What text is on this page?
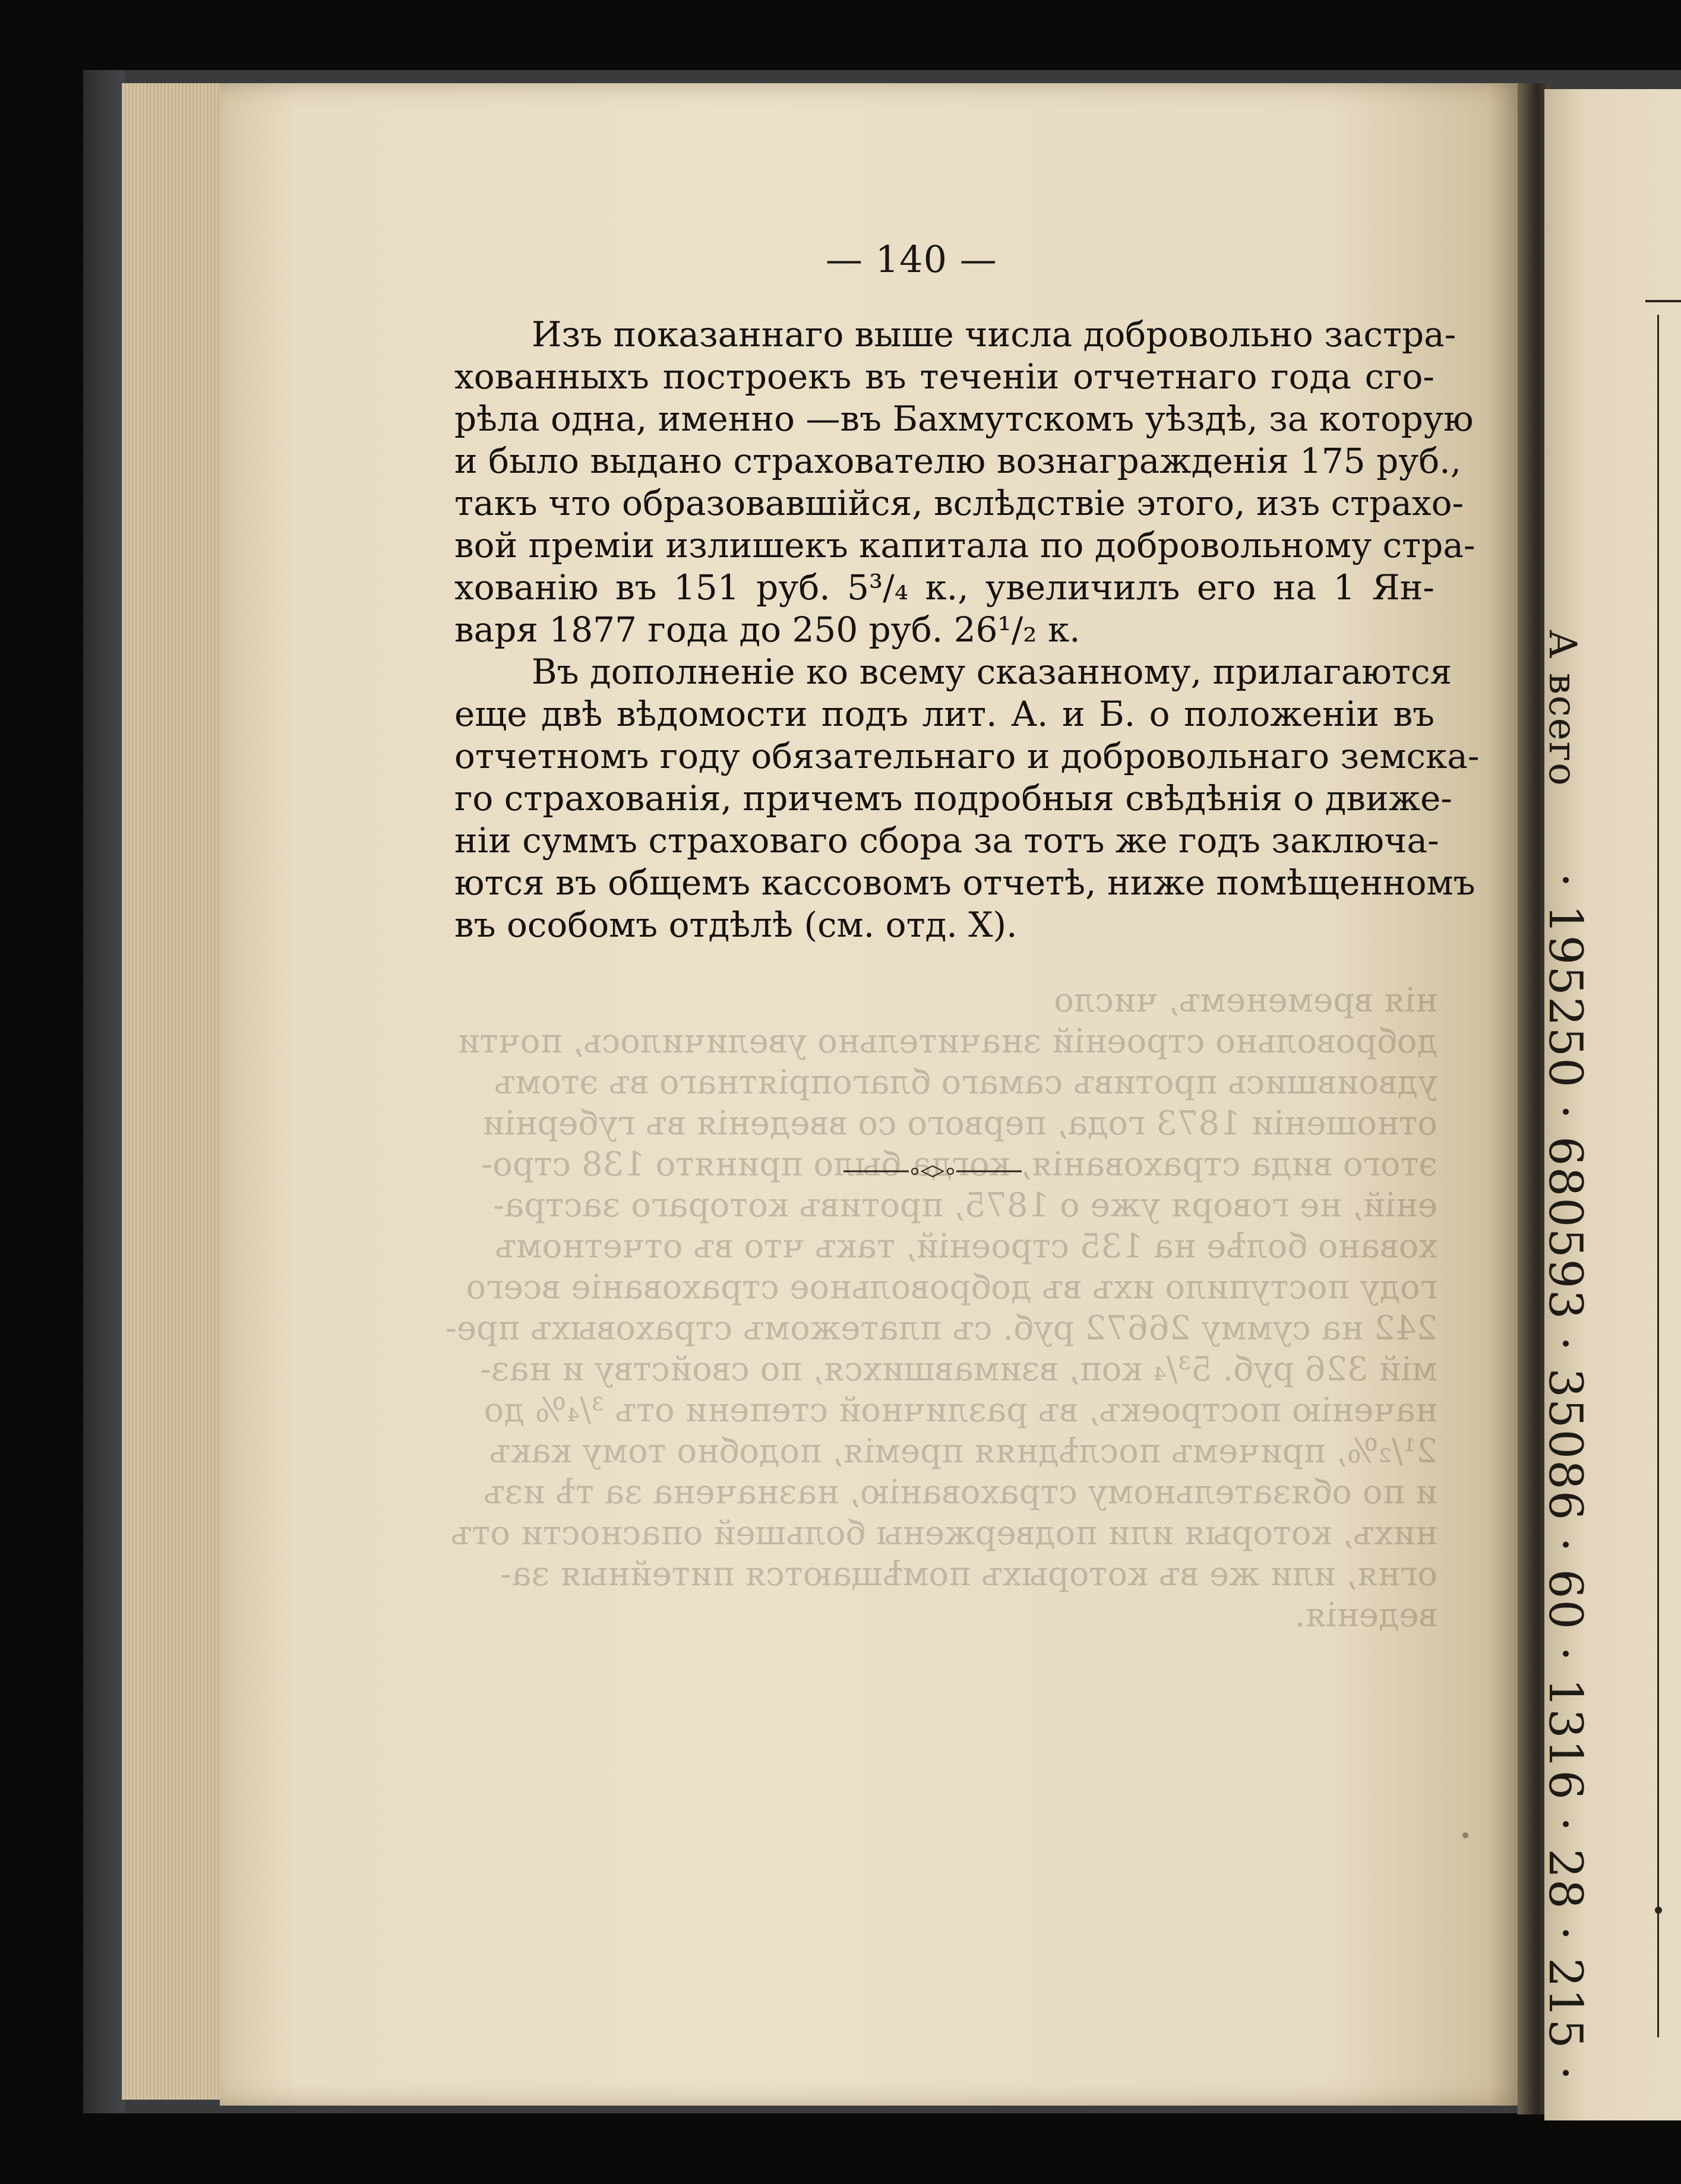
нія временемъ, число
добровольно строеній значительно увеличилось, почти
удвоившись противъ самаго благопріятнаго въ этомъ
отношеніи 1873 года, первого со введенія въ губерніи
этого вида страхованія, когда было принято 138 стро-
еній, не говоря уже о 1875, противъ котораго застра-
ховано болѣе на 135 строеній, такъ что въ отчетномъ
году поступило ихъ въ добровольное страхованіе всего
242 на сумму 26672 руб. съ платежомъ страховыхъ пре-
мій 326 руб. 5³/₄ коп, взимавшихся, по свойству и наз-
наченію построекъ, въ различной степени отъ ³/₄% до
2¹/₂%, причемъ послѣдняя премія, подобно тому какъ
и по обязательному страхованію, назначена за тѣ изъ
нихъ, которыя или подвержены большей опасности отъ
огня, или же въ которыхъ помѣщаются питейныя за-
веденія.
А всего · 195250 · 680593 · 35086 · 60 · 1316 · 28 · 215 ·
— 140 —
Изъ показаннаго выше числа добровольно застра-
хованныхъ построекъ въ теченіи отчетнаго года сго-
рѣла одна, именно —въ Бахмутскомъ уѣздѣ, за которую
и было выдано страхователю вознагражденія 175 руб.,
такъ что образовавшійся, вслѣдствіе этого, изъ страхо-
вой преміи излишекъ капитала по добровольному стра-
хованію въ 151 руб. 5³/₄ к., увеличилъ его на 1 Ян-
варя 1877 года до 250 руб. 26¹/₂ к.
Въ дополненіе ко всему сказанному, прилагаются
еще двѣ вѣдомости подъ лит. А. и Б. о положеніи въ
отчетномъ году обязательнаго и добровольнаго земска-
го страхованія, причемъ подробныя свѣдѣнія о движе-
ніи суммъ страховаго сбора за тотъ же годъ заключа-
ются въ общемъ кассовомъ отчетѣ, ниже помѣщенномъ
въ особомъ отдѣлѣ (см. отд. X).
